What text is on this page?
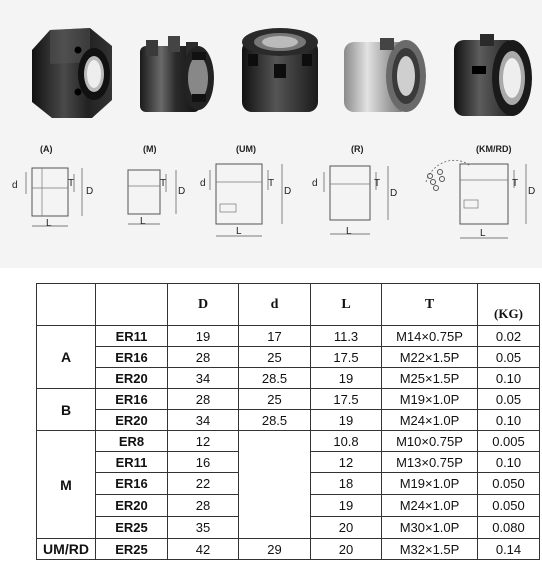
(A)	(M)	(UM)	(R)	(KM/RD)
d	T
D
L
T
D
L
d	T
D
L
d	T
D
L
T
D
L
		D	d	L	T	(KG)
A	ER11	19	17	11.3	M14×0.75P	0.02
	ER16	28	25	17.5	M22×1.5P	0.05
	ER20	34	28.5	19	M25×1.5P	0.10
B	ER16	28	25	17.5	M19×1.0P	0.05
	ER20	34	28.5	19	M24×1.0P	0.10
M	ER8	12		10.8	M10×0.75P	0.005
	ER11	16		12	M13×0.75P	0.10
	ER16	22		18	M19×1.0P	0.050
	ER20	28		19	M24×1.0P	0.050
	ER25	35		20	M30×1.0P	0.080
UM/RD	ER25	42	29	20	M32×1.5P	0.14
